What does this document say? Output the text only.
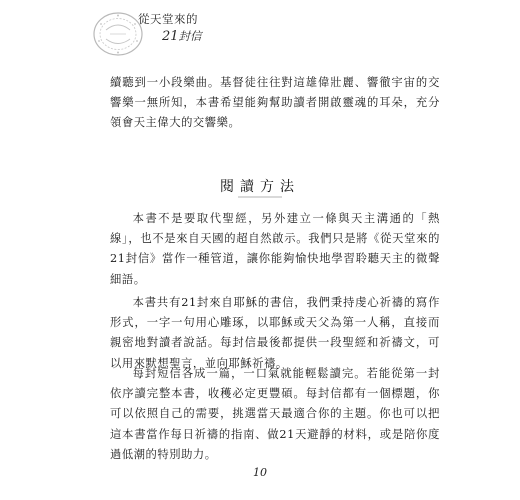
從天堂來的
21封信

續聽到一小段樂曲。基督徒往往對這雄偉壯麗、響徹宇宙的交響樂一無所知，本書希望能夠幫助讀者開啟靈魂的耳朵，充分領會天主偉大的交響樂。

閱讀方法

本書不是要取代聖經，另外建立一條與天主溝通的「熱線」，也不是來自天國的超自然啟示。我們只是將《從天堂來的21封信》當作一種管道，讓你能夠愉快地學習聆聽天主的微聲細語。

本書共有21封來自耶穌的書信，我們秉持虔心祈禱的寫作形式，一字一句用心雕琢，以耶穌或天父為第一人稱，直接而親密地對讀者說話。每封信最後都提供一段聖經和祈禱文，可以用來默想聖言，並向耶穌祈禱。

每封短信各成一篇，一口氣就能輕鬆讀完。若能從第一封依序讀完整本書，收穫必定更豐碩。每封信都有一個標題，你可以依照自己的需要，挑選當天最適合你的主題。你也可以把這本書當作每日祈禱的指南、做21天避靜的材料，或是陪你度過低潮的特別助力。

10
